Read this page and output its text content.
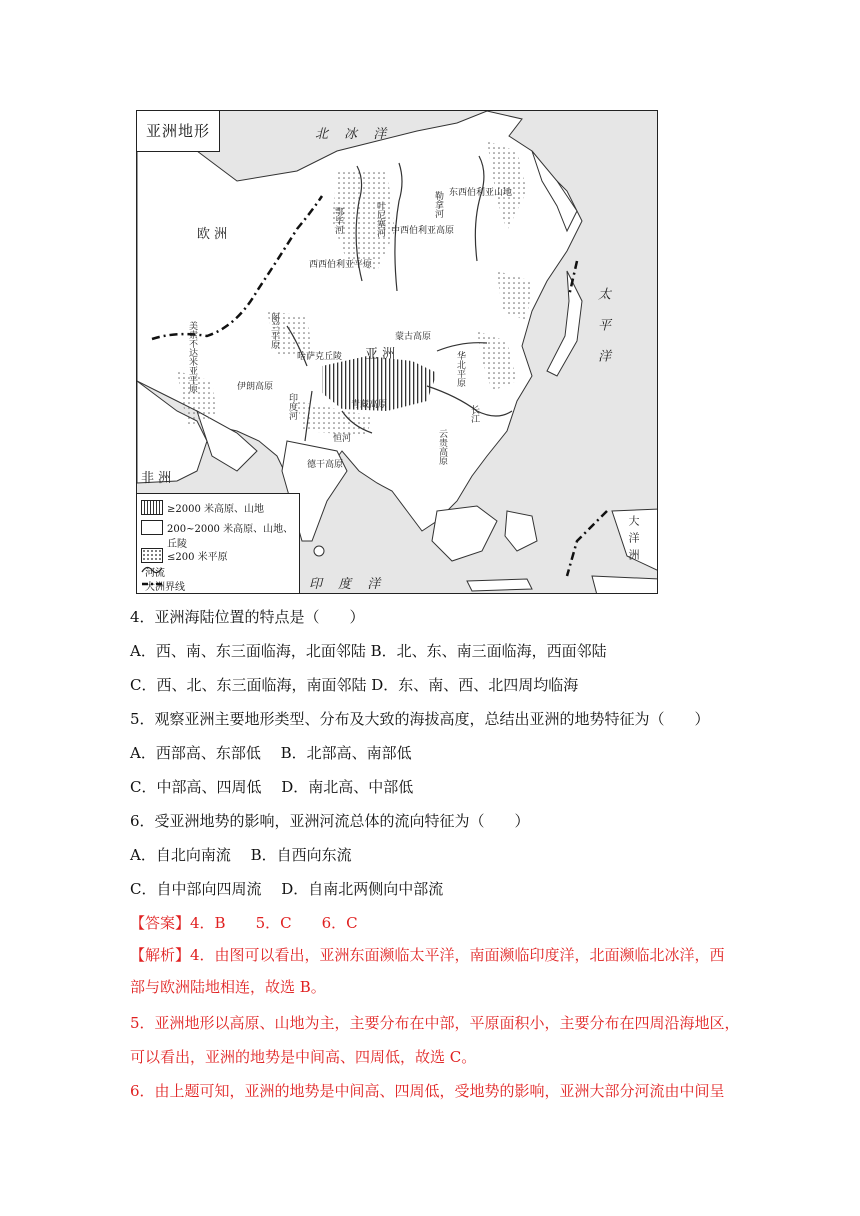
亚洲地形	北 冰 洋
太平洋
印 度 洋
欧 洲
非 洲
大洋洲
亚 洲
东西伯利亚山地
中西伯利亚高原
西西伯利亚平原
蒙古高原
青藏高原
伊朗高原
德干高原	云贵高原
叶尼塞河	勒拿河
鄂毕河
长江
华北平原
图兰平原
美索不达米亚平原
印度河
恒河
哈萨克丘陵
≥2000 米高原、山地
200~2000 米高原、山地、丘陵
≤200 米平原
河流
大洲界线
4．亚洲海陆位置的特点是（　　）
A．西、南、东三面临海，北面邻陆 B．北、东、南三面临海，西面邻陆
C．西、北、东三面临海，南面邻陆 D．东、南、西、北四周均临海
5．观察亚洲主要地形类型、分布及大致的海拔高度，总结出亚洲的地势特征为（　　）
A．西部高、东部低　 B．北部高、南部低
C．中部高、四周低　 D．南北高、中部低
6．受亚洲地势的影响，亚洲河流总体的流向特征为（　　）
A．自北向南流　 B．自西向东流
C．自中部向四周流　 D．自南北两侧向中部流
【答案】4．B　　5．C　　6．C
【解析】4．由图可以看出，亚洲东面濒临太平洋，南面濒临印度洋，北面濒临北冰洋，西
部与欧洲陆地相连，故选 B。
5．亚洲地形以高原、山地为主，主要分布在中部，平原面积小，主要分布在四周沿海地区，
可以看出，亚洲的地势是中间高、四周低，故选 C。
6．由上题可知，亚洲的地势是中间高、四周低，受地势的影响，亚洲大部分河流由中间呈
